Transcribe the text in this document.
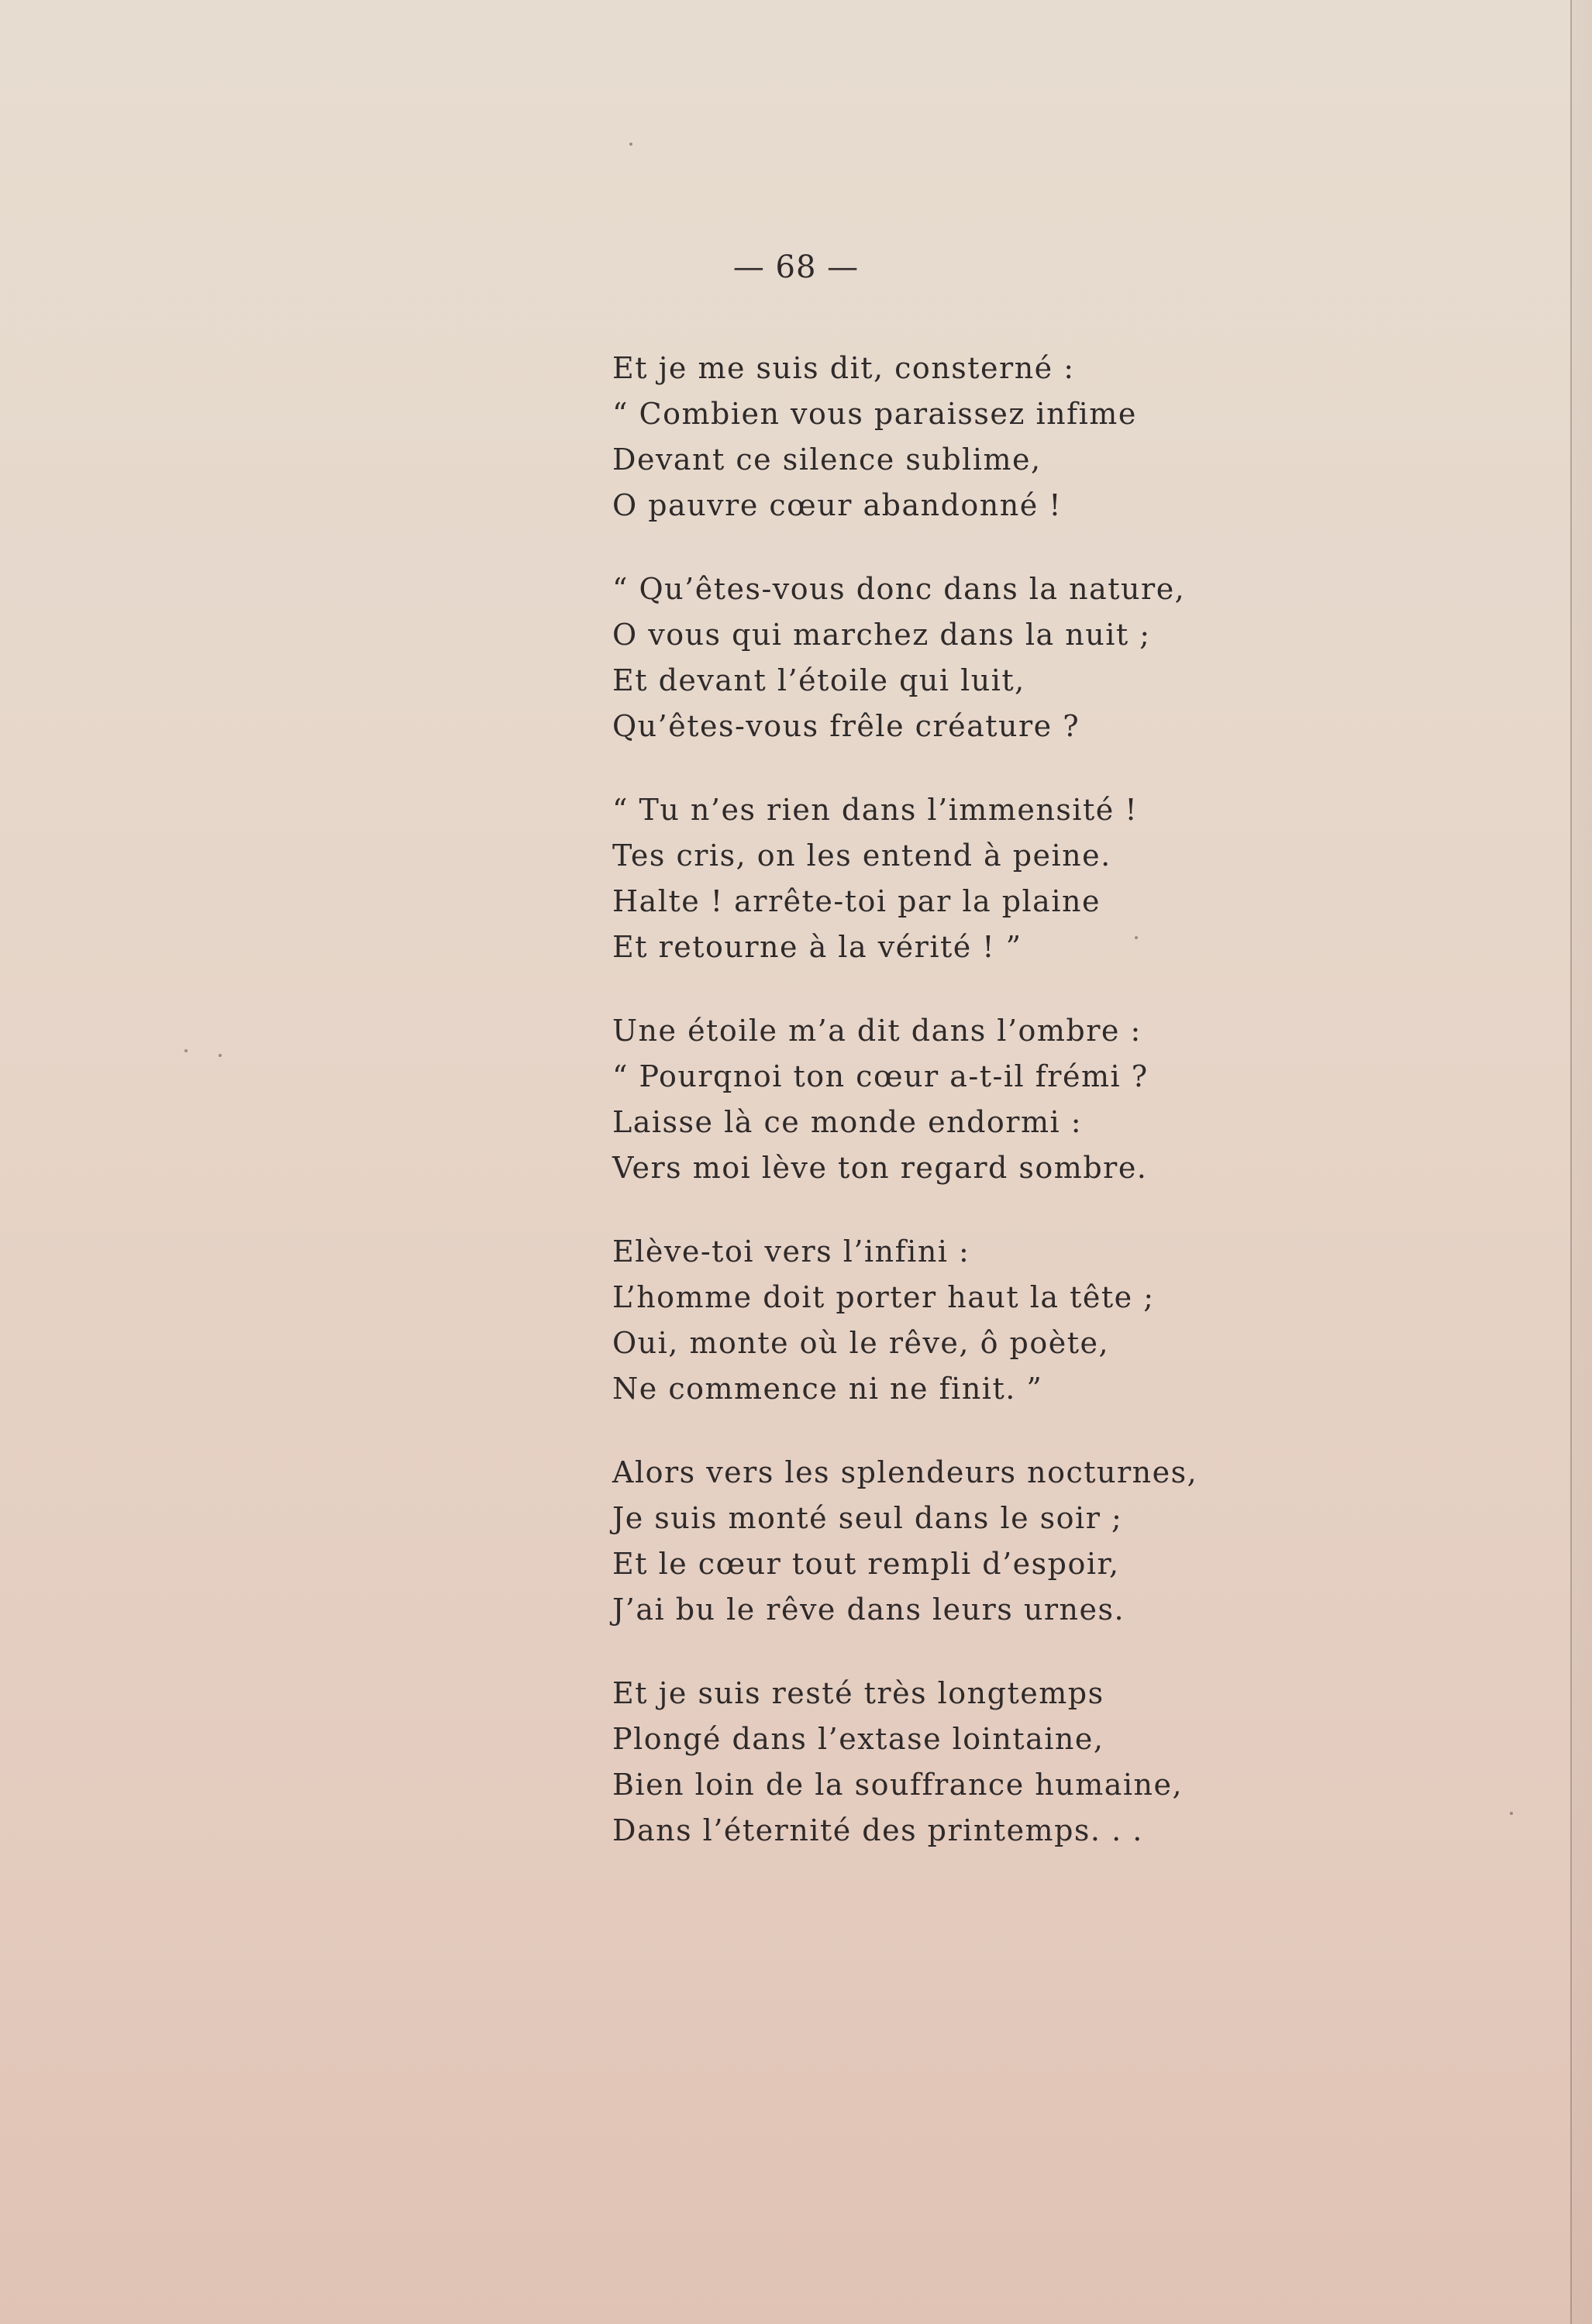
— 68 —
Et je me suis dit, consterné :
“ Combien vous paraissez infime
Devant ce silence sublime,
O pauvre cœur abandonné !
“ Qu’êtes-vous donc dans la nature,
O vous qui marchez dans la nuit ;
Et devant l’étoile qui luit,
Qu’êtes-vous frêle créature ?
“ Tu n’es rien dans l’immensité !
Tes cris, on les entend à peine.
Halte ! arrête-toi par la plaine
Et retourne à la vérité ! ”
Une étoile m’a dit dans l’ombre :
“ Pourqnoi ton cœur a-t-il frémi ?
Laisse là ce monde endormi :
Vers moi lève ton regard sombre.
Elève-toi vers l’infini :
L’homme doit porter haut la tête ;
Oui, monte où le rêve, ô poète,
Ne commence ni ne finit. ”
Alors vers les splendeurs nocturnes,
Je suis monté seul dans le soir ;
Et le cœur tout rempli d’espoir,
J’ai bu le rêve dans leurs urnes.
Et je suis resté très longtemps
Plongé dans l’extase lointaine,
Bien loin de la souffrance humaine,
Dans l’éternité des printemps. . .
